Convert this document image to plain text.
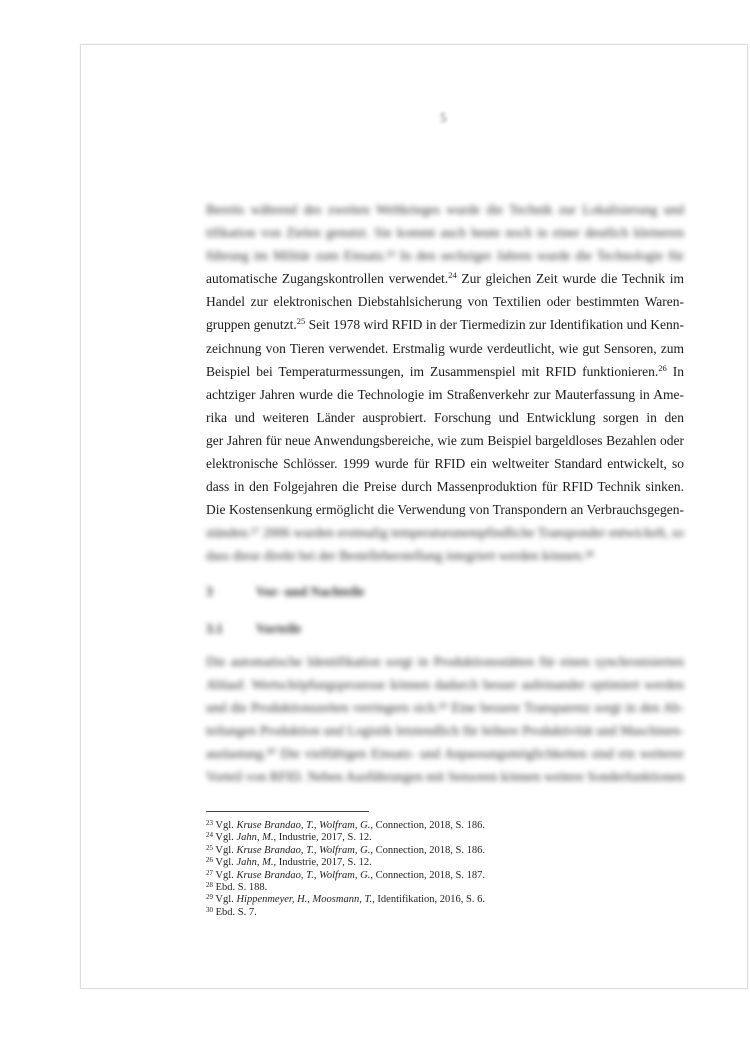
5
Bereits während des zweiten Weltkrieges wurde die Technik zur Lokalisierung und
tifikation von Zielen genutzt. Sie kommt auch heute noch in einer deutlich kleineren
führung im Militär zum Einsatz.²³ In den sechziger Jahren wurde die Technologie für
automatische Zugangskontrollen verwendet.$^{24}$ Zur gleichen Zeit wurde die Technik im
Handel zur elektronischen Diebstahlsicherung von Textilien oder bestimmten Waren-
gruppen genutzt.$^{25}$ Seit 1978 wird RFID in der Tiermedizin zur Identifikation und Kenn-
zeichnung von Tieren verwendet. Erstmalig wurde verdeutlicht, wie gut Sensoren, zum
Beispiel bei Temperaturmessungen, im Zusammenspiel mit RFID funktionieren.$^{26}$ In
achtziger Jahren wurde die Technologie im Straßenverkehr zur Mauterfassung in Ame-
rika und weiteren Länder ausprobiert. Forschung und Entwicklung sorgen in den
ger Jahren für neue Anwendungsbereiche, wie zum Beispiel bargeldloses Bezahlen oder
elektronische Schlösser. 1999 wurde für RFID ein weltweiter Standard entwickelt, so
dass in den Folgejahren die Preise durch Massenproduktion für RFID Technik sinken.
Die Kostensenkung ermöglicht die Verwendung von Transpondern an Verbrauchsgegen-
ständen.²⁷ 2006 wurden erstmalig temperaturunempfindliche Transponder entwickelt, so
dass diese direkt bei der Bestelleherstellung integriert werden können.²⁸
3	Vor- und Nachteile
3.1 Vorteile
Die automatische Identifikation sorgt in Produktionsstätten für einen synchronisierten
Ablauf. Wertschöpfungsprozesse können dadurch besser aufeinander optimiert werden
und die Produktionszeiten verringern sich.²⁹ Eine bessere Transparenz sorgt in den Ab-
teilungen Produktion und Logistik letztendlich für höhere Produktivität und Maschinen-
auslastung.³⁰ Die vielfältigen Einsatz- und Anpassungsmöglichkeiten sind ein weiterer
Vorteil von RFID. Neben Ausführungen mit Sensoren können weitere Sonderfunktionen
$^{23}$ Vgl. Kruse Brandao, T., Wolfram, G., Connection, 2018, S. 186.
$^{24}$ Vgl. Jahn, M., Industrie, 2017, S. 12.
$^{25}$ Vgl. Kruse Brandao, T., Wolfram, G., Connection, 2018, S. 186.
$^{26}$ Vgl. Jahn, M., Industrie, 2017, S. 12.
$^{27}$ Vgl. Kruse Brandao, T., Wolfram, G., Connection, 2018, S. 187.
$^{28}$ Ebd. S. 188.
$^{29}$ Vgl. Hippenmeyer, H., Moosmann, T., Identifikation, 2016, S. 6.
$^{30}$ Ebd. S. 7.
